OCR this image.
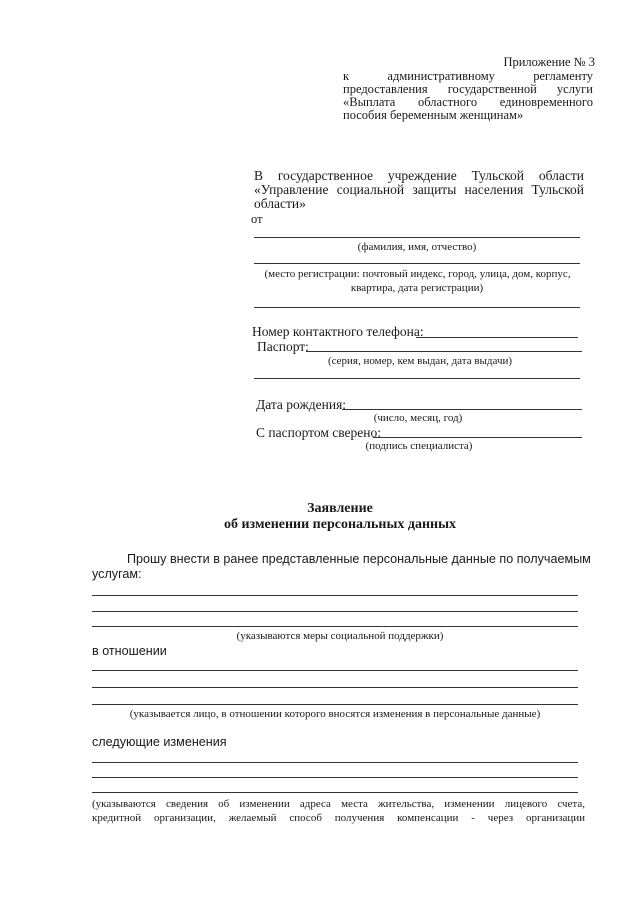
Приложение № 3
к административному регламенту
предоставления государственной услуги
«Выплата областного единовременного
пособия беременным женщинам»
В государственное учреждение Тульской области
«Управление социальной защиты населения Тульской
области»
от
(фамилия, имя, отчество)
(место регистрации: почтовый индекс, город, улица, дом, корпус,
квартира, дата регистрации)
Номер контактного телефона:
Паспорт:
(серия, номер, кем выдан, дата выдачи)
Дата рождения:
(число, месяц, год)
С паспортом сверено:
(подпись специалиста)
Заявление
об изменении персональных данных
Прошу внести в ранее представленные персональные данные по получаемым
услугам:
(указываются меры социальной поддержки)
в отношении
(указывается лицо, в отношении которого вносятся изменения в персональные данные)
следующие изменения
(указываются сведения об изменении адреса места жительства, изменении лицевого счета,
кредитной организации, желаемый способ получения компенсации - через организации
